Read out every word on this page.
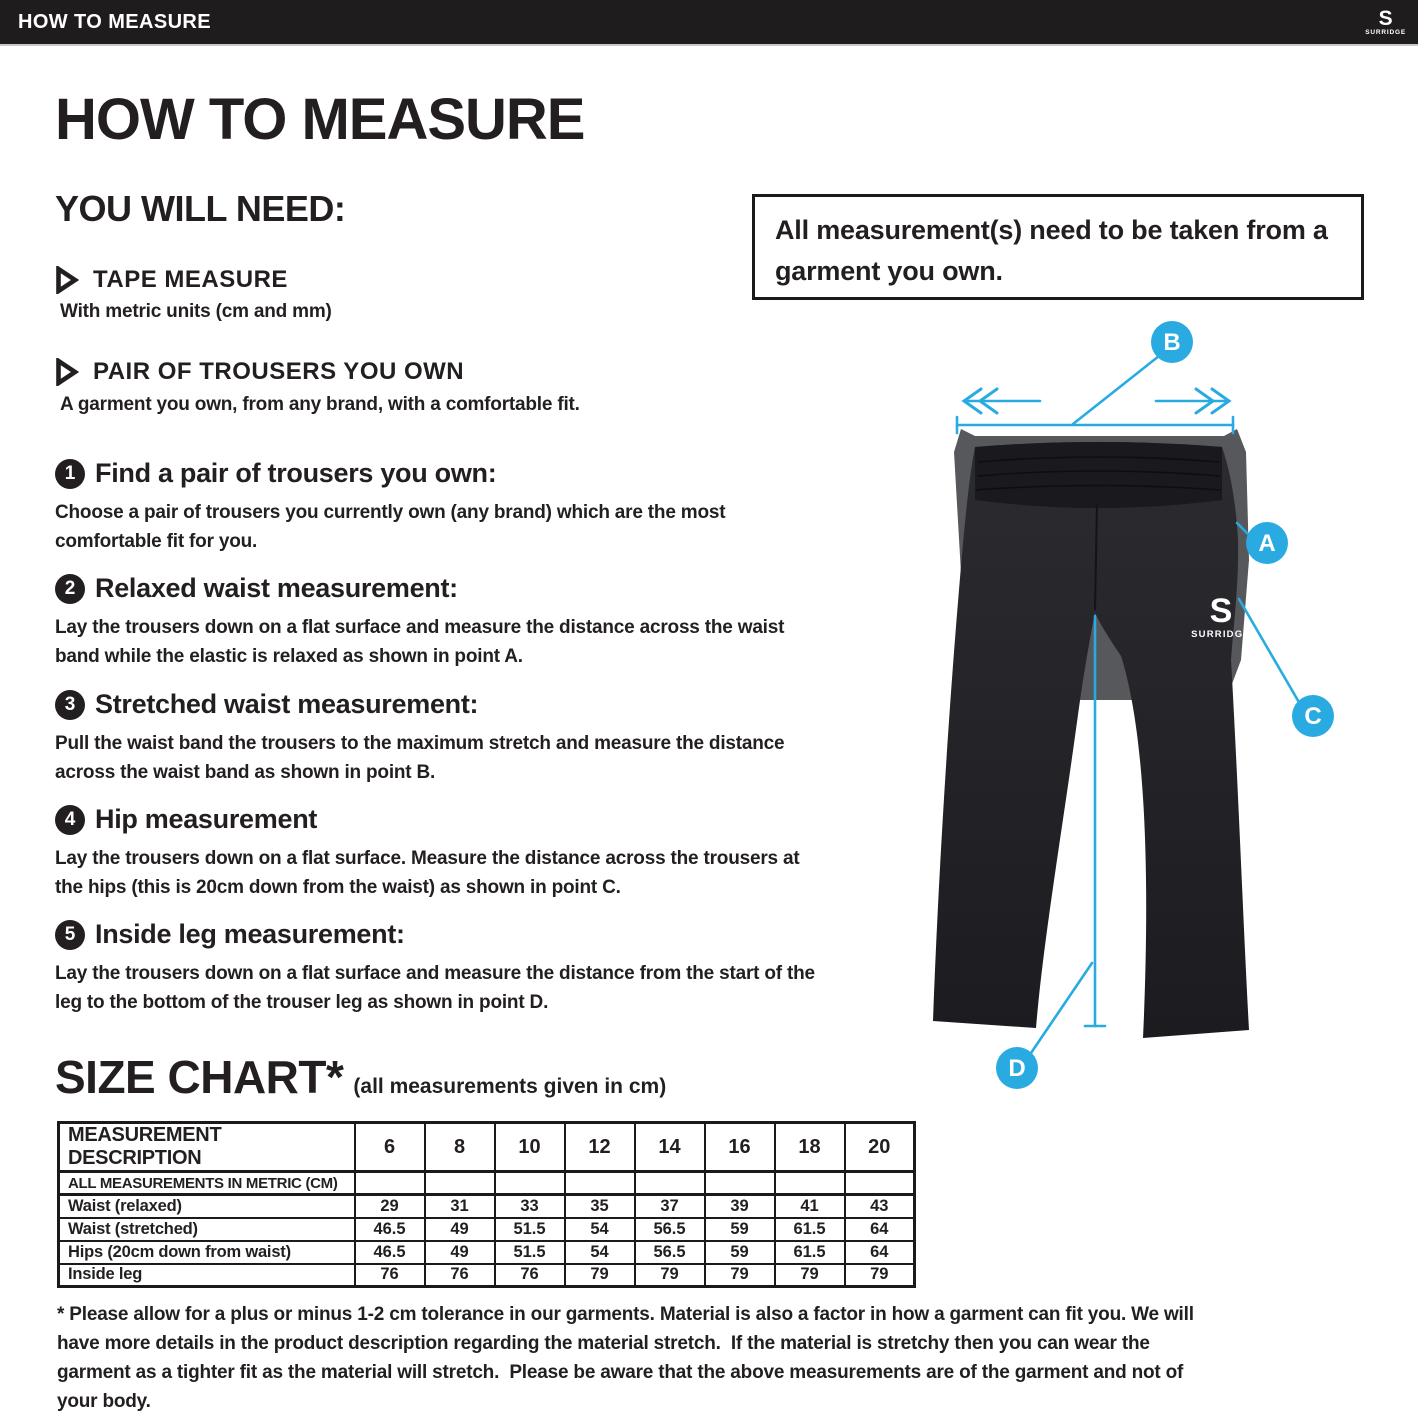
HOW TO MEASURE	S
SURRIDGE
HOW TO MEASURE
YOU WILL NEED:
TAPE MEASURE
With metric units (cm and mm)
PAIR OF TROUSERS YOU OWN
A garment you own, from any brand, with a comfortable fit.
All measurement(s) need to be taken from a garment you own.
1 Find a pair of trousers you own:
Choose a pair of trousers you currently own (any brand) which are the most comfortable fit for you.
2 Relaxed waist measurement:
Lay the trousers down on a flat surface and measure the distance across the waist band while the elastic is relaxed as shown in point A.
3 Stretched waist measurement:
Pull the waist band the trousers to the maximum stretch and measure the distance across the waist band as shown in point B.
4 Hip measurement
Lay the trousers down on a flat surface. Measure the distance across the trousers at the hips (this is 20cm down from the waist) as shown in point C.
5 Inside leg measurement:
Lay the trousers down on a flat surface and measure the distance from the start of the leg to the bottom of the trouser leg as shown in point D.
S
SURRIDGE
A
B
C
D
SIZE CHART* (all measurements given in cm)
MEASUREMENT DESCRIPTION	6	8	10	12	14	16	18	20
ALL MEASUREMENTS IN METRIC (CM)								
Waist (relaxed)	29	31	33	35	37	39	41	43
Waist (stretched)	46.5	49	51.5	54	56.5	59	61.5	64
Hips (20cm down from waist)	46.5	49	51.5	54	56.5	59	61.5	64
Inside leg	76	76	76	79	79	79	79	79
* Please allow for a plus or minus 1-2 cm tolerance in our garments. Material is also a factor in how a garment can fit you. We will have more details in the product description regarding the material stretch.  If the material is stretchy then you can wear the garment as a tighter fit as the material will stretch.  Please be aware that the above measurements are of the garment and not of your body.
